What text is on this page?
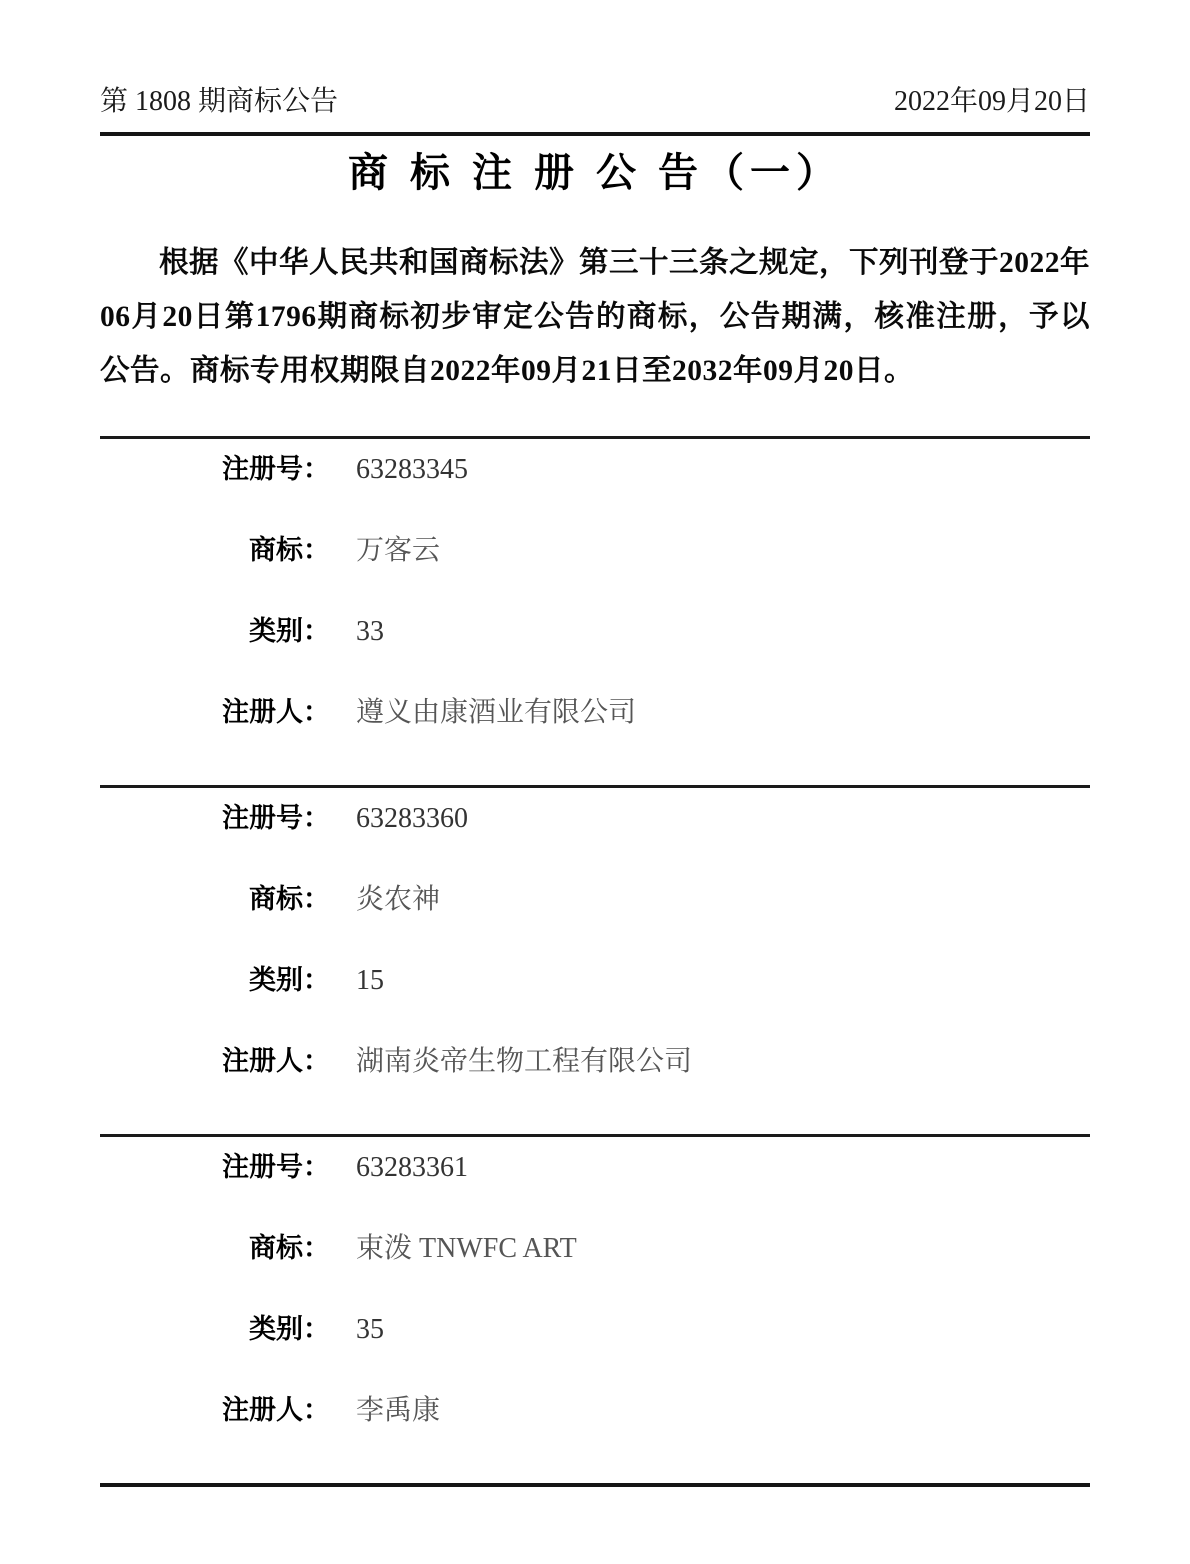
第 1808 期商标公告	2022年09月20日
商 标 注 册 公 告（一）
根据《中华人民共和国商标法》第三十三条之规定，下列刊登于2022年06月20日第1796期商标初步审定公告的商标，公告期满，核准注册，予以公告。商标专用权期限自2022年09月21日至2032年09月20日。
注册号： 63283345
商标： 万客云
类别： 33
注册人： 遵义由康酒业有限公司
注册号： 63283360
商标： 炎农神
类别： 15
注册人： 湖南炎帝生物工程有限公司
注册号： 63283361
商标： 束泼 TNWFC ART
类别： 35
注册人： 李禹康
